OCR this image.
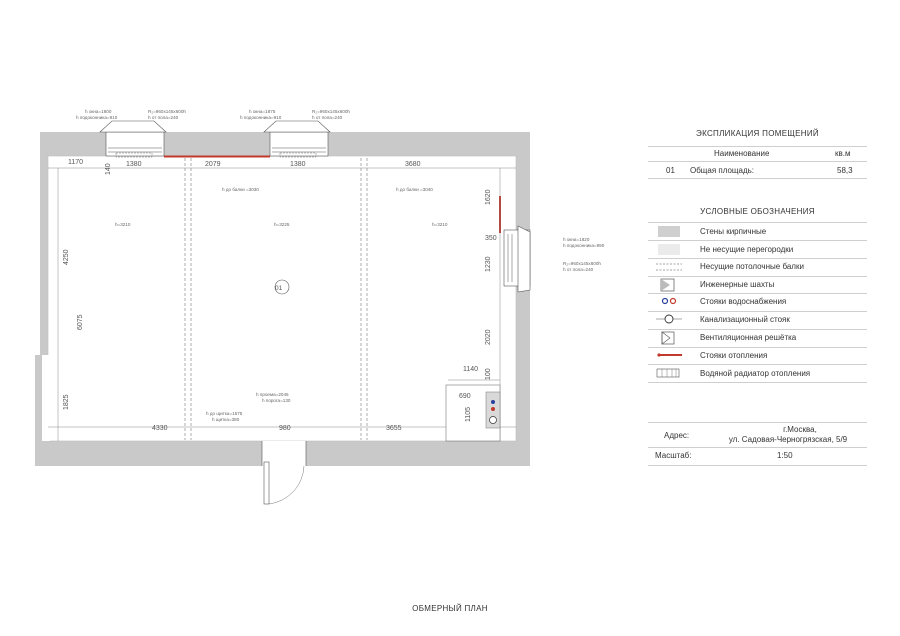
1170	1380	2079	1380	3680
4330	980	3655
1140
690
350
01
140
4250
6075
1825
1620
1230
2020
100
1105
h=3210	h=3225	h=3210
h до балки =3030	h до балки =3040
h окна=1800
h подоконника=910
R₂=960х145х600h
h от пола=240
h окна=1875
h подоконника=910
R₂=960х145х600h
h от пола=240
h окна=1820
h подоконника=990
R₂=960х145х600h
h от пола=240
h проема=2045
h порога=130
h до щитка=1575
h щитка=380
ЭКСПЛИКАЦИЯ ПОМЕЩЕНИЙ
Наименование	кв.м
01 Общая площадь:	58,3
УСЛОВНЫЕ ОБОЗНАЧЕНИЯ
Стены кирпичные
Не несущие перегородки
Несущие потолочные балки
Инженерные шахты
Стояки водоснабжения
Канализационный стояк
Вентиляционная решётка
Стояки отопления
Водяной радиатор отопления
Адрес:
г.Москва,
ул. Садовая-Черногрязская, 5/9
Масштаб:	1:50
ОБМЕРНЫЙ ПЛАН
